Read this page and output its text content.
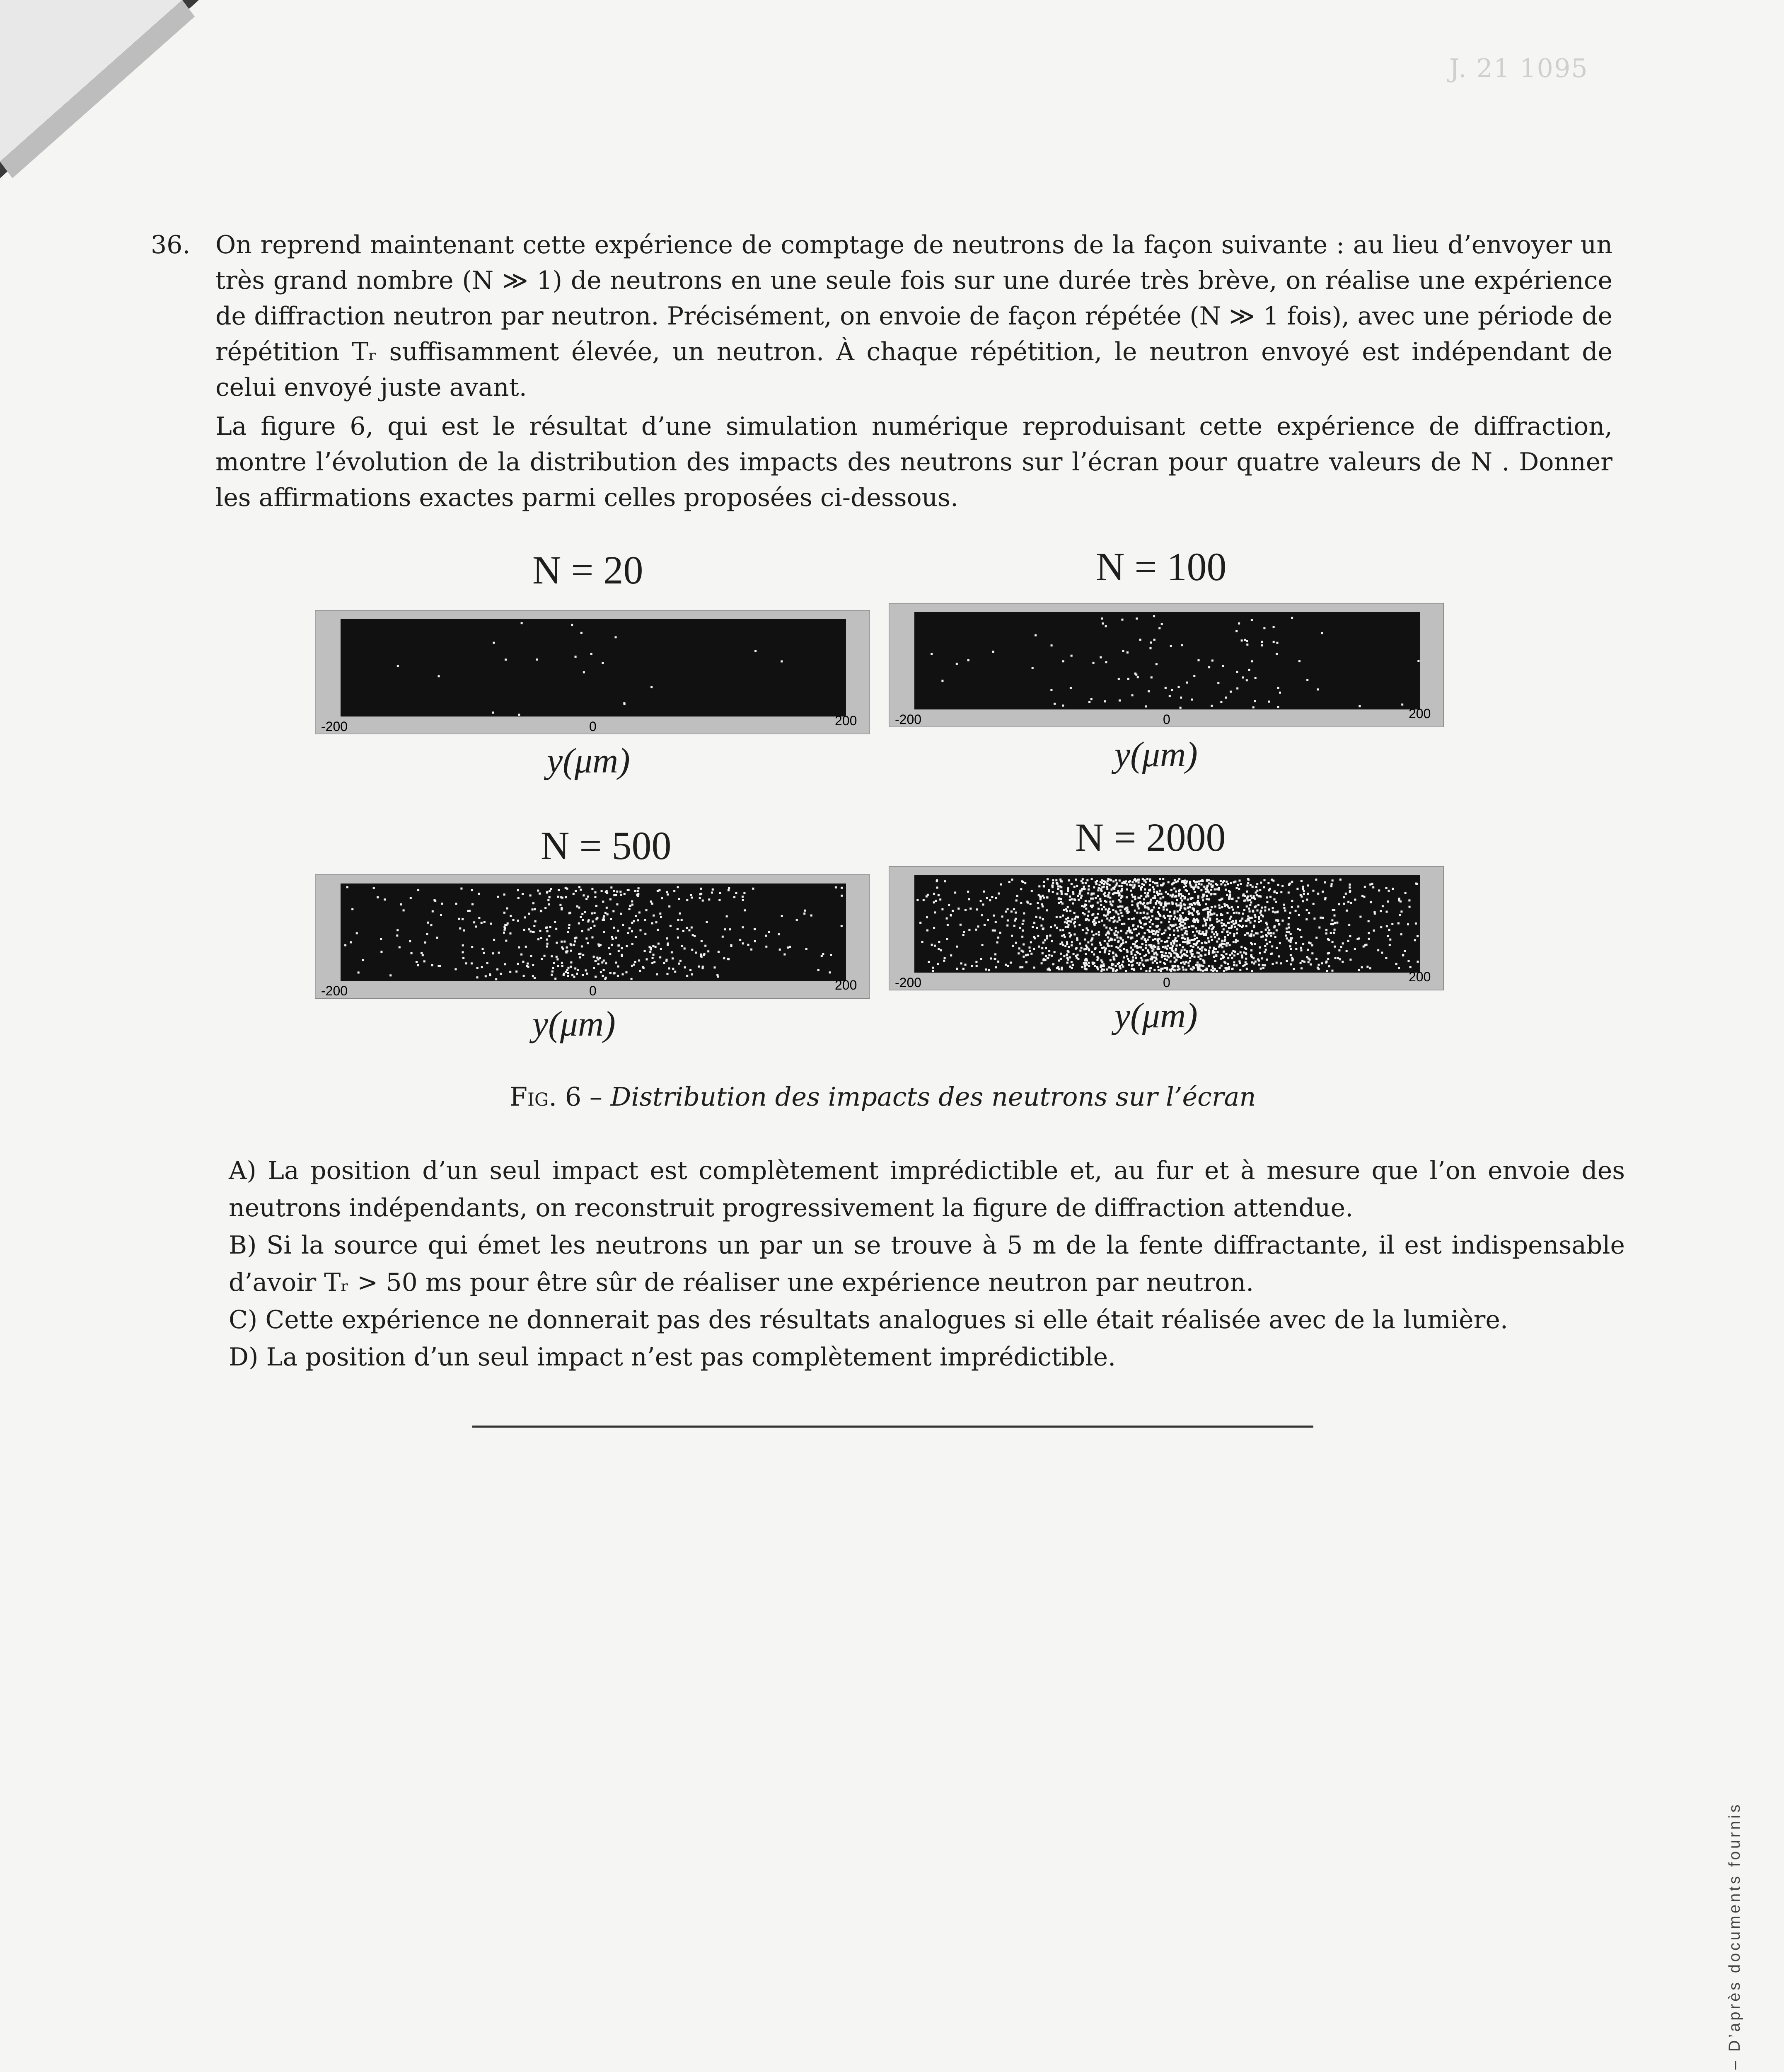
J. 21 1095
36. On reprend maintenant cette expérience de comptage de neutrons de la façon suivante : au lieu d’envoyer un très grand nombre (N ≫ 1) de neutrons en une seule fois sur une durée très brève, on réalise une expérience de diffraction neutron par neutron. Précisément, on envoie de façon répétée (N ≫ 1 fois), avec une période de répétition Tᵣ suffisamment élevée, un neutron. À chaque répétition, le neutron envoyé est indépendant de celui envoyé juste avant.

La figure 6, qui est le résultat d’une simulation numérique reproduisant cette expérience de diffraction, montre l’évolution de la distribution des impacts des neutrons sur l’écran pour quatre valeurs de N . Donner les affirmations exactes parmi celles proposées ci-dessous.

N = 20	N = 100
N = 500	N = 2000
-200	0	200	-200	0	200
-200	0	200	-200	0	200
y(μm)	y(μm)
y(μm)	y(μm)
Fig. 6 – Distribution des impacts des neutrons sur l’écran

A) La position d’un seul impact est complètement imprédictible et, au fur et à mesure que l’on envoie des neutrons indépendants, on reconstruit progressivement la figure de diffraction attendue.

B) Si la source qui émet les neutrons un par un se trouve à 5 m de la fente diffractante, il est indispensable d’avoir Tᵣ > 50 ms pour être sûr de réaliser une expérience neutron par neutron.

C) Cette expérience ne donnerait pas des résultats analogues si elle était réalisée avec de la lumière.

D) La position d’un seul impact n’est pas complètement imprédictible.

– D’après documents fournis
